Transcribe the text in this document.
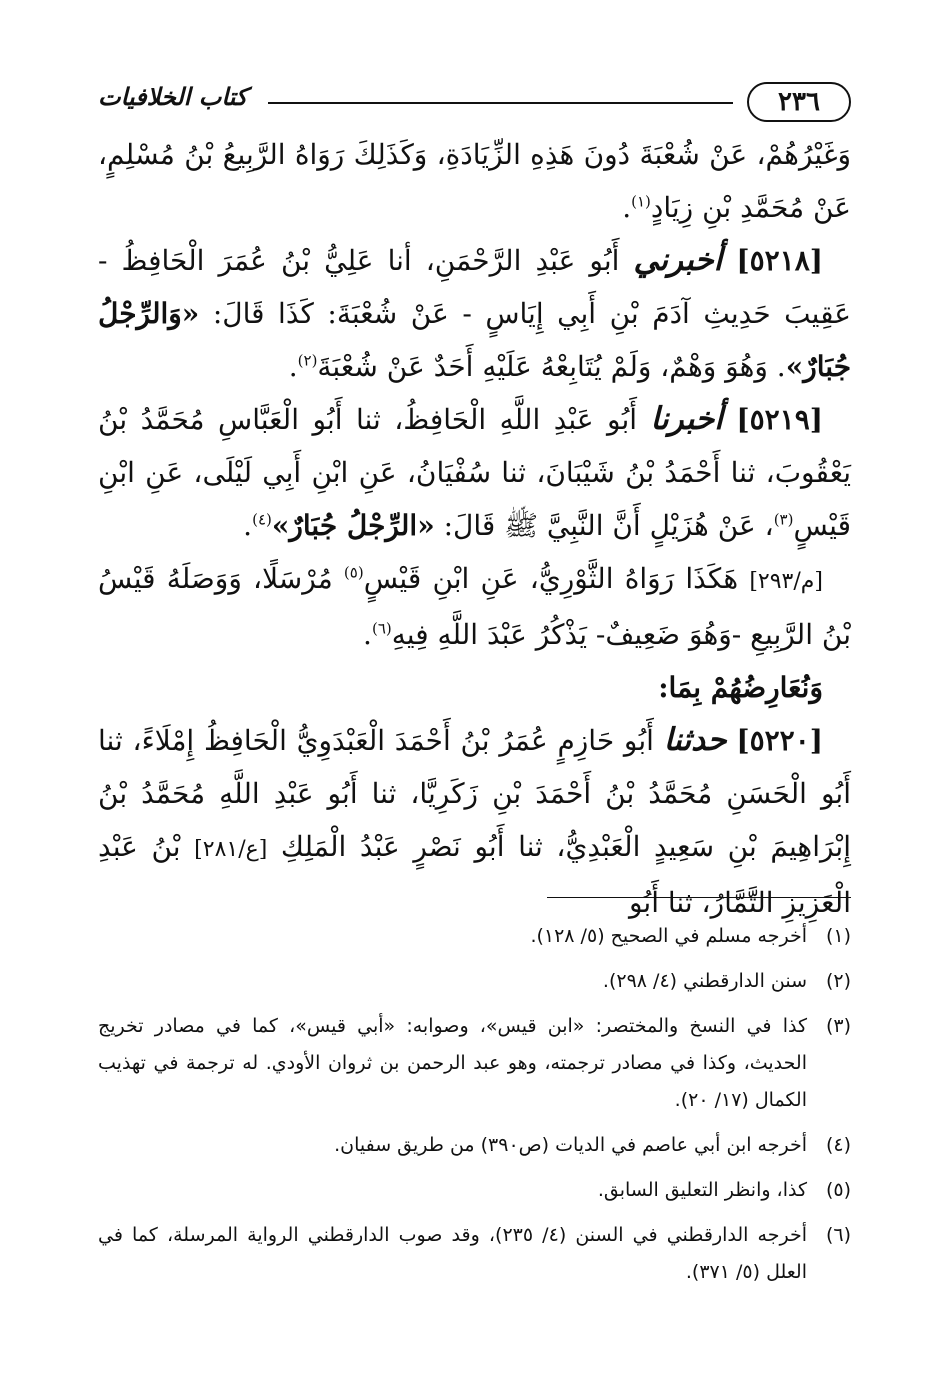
٢٣٦
كتاب الخلافيات

وَغَيْرُهُمْ، عَنْ شُعْبَةَ دُونَ هَذِهِ الزِّيَادَةِ، وَكَذَلِكَ رَوَاهُ الرَّبِيعُ بْنُ مُسْلِمٍ، عَنْ مُحَمَّدِ بْنِ زِيَادٍ$^{(١)}$.

[٥٢١٨] أخبرني أَبُو عَبْدِ الرَّحْمَنِ، أنا عَلِيُّ بْنُ عُمَرَ الْحَافِظُ - عَقِيبَ حَدِيثِ آدَمَ بْنِ أَبِي إِيَاسٍ - عَنْ شُعْبَةَ: كَذَا قَالَ: «وَالرِّجْلُ جُبَارٌ». وَهُوَ وَهْمٌ، وَلَمْ يُتَابِعْهُ عَلَيْهِ أَحَدٌ عَنْ شُعْبَةَ$^{(٢)}$.

[٥٢١٩] أخبرنا أَبُو عَبْدِ اللَّهِ الْحَافِظُ، ثنا أَبُو الْعَبَّاسِ مُحَمَّدُ بْنُ يَعْقُوبَ، ثنا أَحْمَدُ بْنُ شَيْبَانَ، ثنا سُفْيَانُ، عَنِ ابْنِ أَبِي لَيْلَى، عَنِ ابْنِ قَيْسٍ$^{(٣)}$، عَنْ هُزَيْلٍ أَنَّ النَّبِيَّ ﷺ قَالَ: «الرِّجْلُ جُبَارٌ»$^{(٤)}$.

[م/٢٩٣] هَكَذَا رَوَاهُ الثَّوْرِيُّ، عَنِ ابْنِ قَيْسٍ$^{(٥)}$ مُرْسَلًا، وَوَصَلَهُ قَيْسُ بْنُ الرَّبِيعِ -وَهُوَ ضَعِيفٌ- يَذْكُرُ عَبْدَ اللَّهِ فِيهِ$^{(٦)}$.

وَنُعَارِضُهُمْ بِمَا:

[٥٢٢٠] حدثنا أَبُو حَازِمٍ عُمَرُ بْنُ أَحْمَدَ الْعَبْدَوِيُّ الْحَافِظُ إِمْلَاءً، ثنا أَبُو الْحَسَنِ مُحَمَّدُ بْنُ أَحْمَدَ بْنِ زَكَرِيَّا، ثنا أَبُو عَبْدِ اللَّهِ مُحَمَّدُ بْنُ إِبْرَاهِيمَ بْنِ سَعِيدٍ الْعَبْدِيُّ، ثنا أَبُو نَصْرٍ عَبْدُ الْمَلِكِ [ع/٢٨١] بْنُ عَبْدِ الْعَزِيزِ التَّمَّارُ، ثنا أَبُو

(١)
أخرجه مسلم في الصحيح (٥/ ١٢٨).
(٢)
سنن الدارقطني (٤/ ٢٩٨).
(٣)
كذا في النسخ والمختصر: «ابن قيس»، وصوابه: «أبي قيس»، كما في مصادر تخريج الحديث، وكذا في مصادر ترجمته، وهو عبد الرحمن بن ثروان الأودي. له ترجمة في تهذيب الكمال (١٧/ ٢٠).
(٤)
أخرجه ابن أبي عاصم في الديات (ص٣٩٠) من طريق سفيان.
(٥)
كذا، وانظر التعليق السابق.
(٦)
أخرجه الدارقطني في السنن (٤/ ٢٣٥)، وقد صوب الدارقطني الرواية المرسلة، كما في العلل (٥/ ٣٧١).
